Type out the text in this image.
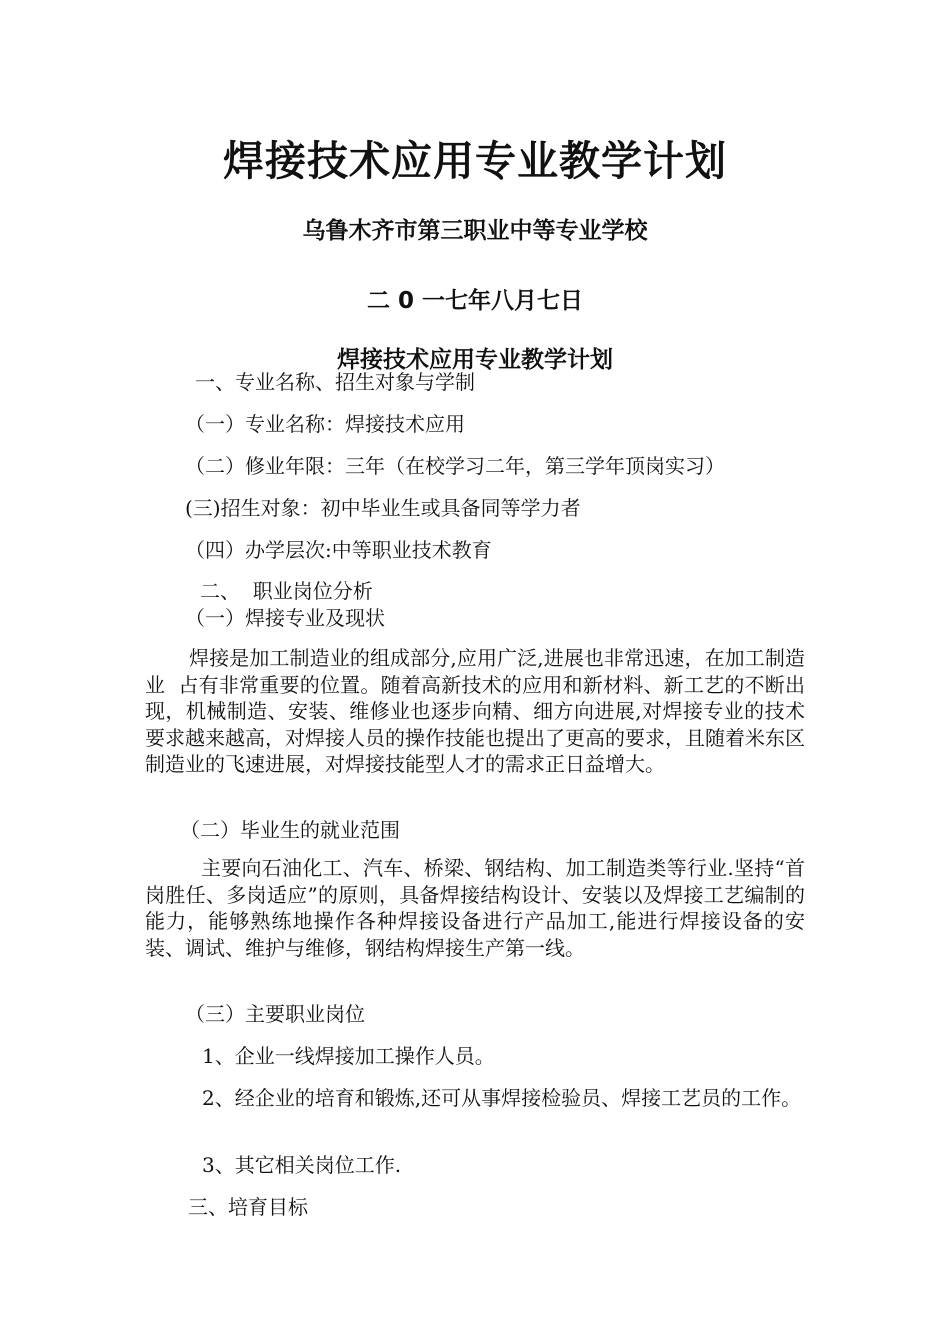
焊接技术应用专业教学计划
乌鲁木齐市第三职业中等专业学校
二 0 一七年八月七日
焊接技术应用专业教学计划
一、专业名称、招生对象与学制
（一）专业名称：焊接技术应用
（二）修业年限：三年（在校学习二年，第三学年顶岗实习）
(三)招生对象：初中毕业生或具备同等学力者
（四）办学层次:中等职业技术教育
二、  职业岗位分析
（一）焊接专业及现状

焊接是加工制造业的组成部分,应用广泛,进展也非常迅速，在加工制造业  占有非常重要的位置。随着高新技术的应用和新材料、新工艺的不断出现，机械制造、安装、维修业也逐步向精、细方向进展,对焊接专业的技术要求越来越高，对焊接人员的操作技能也提出了更高的要求，且随着米东区制造业的飞速进展，对焊接技能型人才的需求正日益增大。

（二）毕业生的就业范围

主要向石油化工、汽车、桥梁、钢结构、加工制造类等行业.坚持“首岗胜任、多岗适应”的原则，具备焊接结构设计、安装以及焊接工艺编制的能力，能够熟练地操作各种焊接设备进行产品加工,能进行焊接设备的安装、调试、维护与维修，钢结构焊接生产第一线。

（三）主要职业岗位
1、企业一线焊接加工操作人员。

2、经企业的培育和锻炼,还可从事焊接检验员、焊接工艺员的工作。

3、其它相关岗位工作.
三、培育目标
